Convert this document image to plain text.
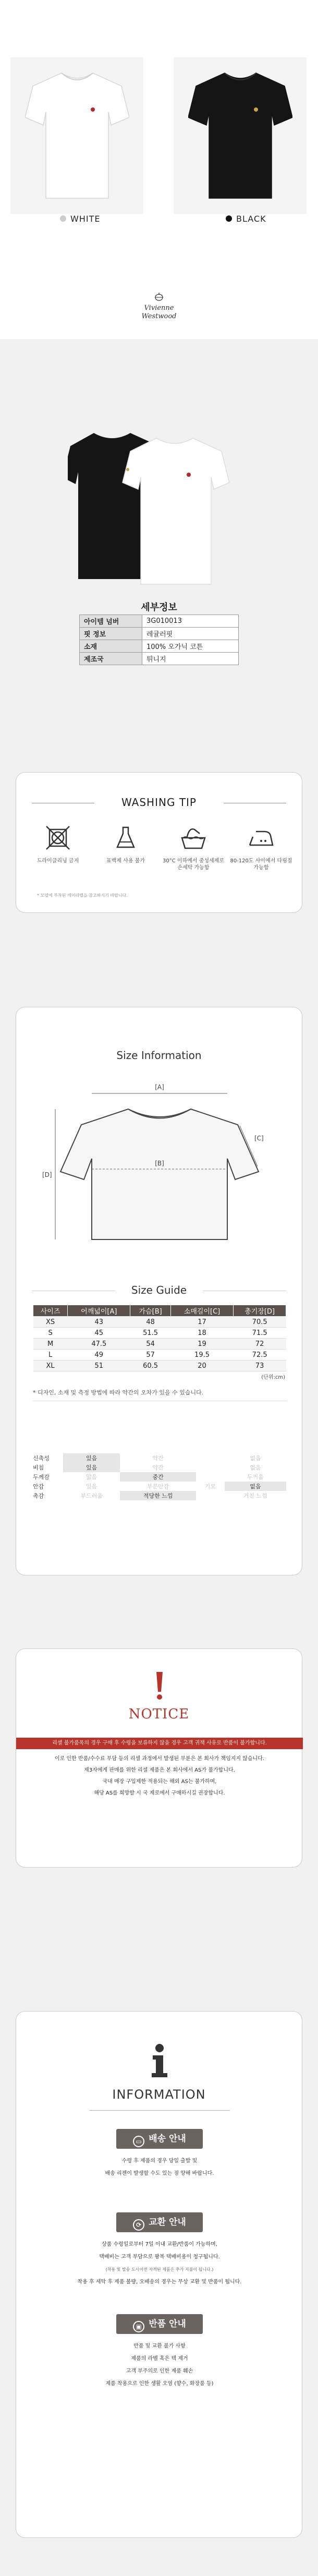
WHITE	BLACK
Vivienne
Westwood
세부정보
아이템 넘버	3G010013
핏 정보	레귤러핏
소재	100% 오가닉 코튼
제조국	튀니지
WASHING TIP
드라이클리닝 금지	표백제 사용 불가	30°C 이하에서 중성세제로 손세탁 가능함
80-120도 사이에서 다림질 가능함
* 모델에 부착된 케어라벨을 참고하시기 바랍니다.
Size Information
[A]
[B]
[C]
[D]
Size Guide
사이즈	어깨넓이[A]	가슴[B]	소매길이[C]	총기장[D]
XS	43	48	17	70.5
S	45	51.5	18	71.5
M	47.5	54	19	72
L	49	57	19.5	72.5
XL	51	60.5	20	73
(단위:cm)
* 디자인, 소재 및 측정 방법에 따라 약간의 오차가 있을 수 있습니다.
신축성	있음		약간		없음
비침	있음		약간		없음
두께감	얇음		중간		두꺼움
안감	있음		부분안감	기모	없음
촉감	부드러움		적당한 느낌		거친 느낌
NOTICE
리셀 불가품목의 경우 구매 후 수령을 보류하지 않을 경우 고객 귀책 사유로 반품이 불가합니다.
이로 인한 반품/수수료 부담 등의 리셀 과정에서 발생된 부분은 본 회사가 책임지지 않습니다.
제3자에게 판매를 위한 리셀 제품은 본 회사에서 AS가 불가합니다.
국내 매장 구입제한 적용되는 해외 AS는 불가하며,
해당 AS를 희망할 시 국 제로에서 구매하시길 권장합니다.
INFORMATION
▭ 배송 안내
수령 후 제품의 경우 당일 출발 및
배송 리젠이 발생할 수도 있는 점 양해 바랍니다.
⟳ 교환 안내
상품 수령일로부터 7일 이내 교환/반품이 가능하며,
택배비는 고객 부담으로 왕복 택배비용이 청구됩니다.
(착용 및 발송 도시이전 자격된 제품은 추가 지불이 됩니다.)
착용 후 세탁 후 제품 불량, 오배송의 경우는 무상 교환 및 반품이 됩니다.
▣ 반품 안내
반품 및 교환 불가 사항
제품의 라벨 혹은 텍 제거
고객 부주의로 인한 제품 훼손
제품 착용으로 인한 생활 오염 (향수, 화장품 등)
